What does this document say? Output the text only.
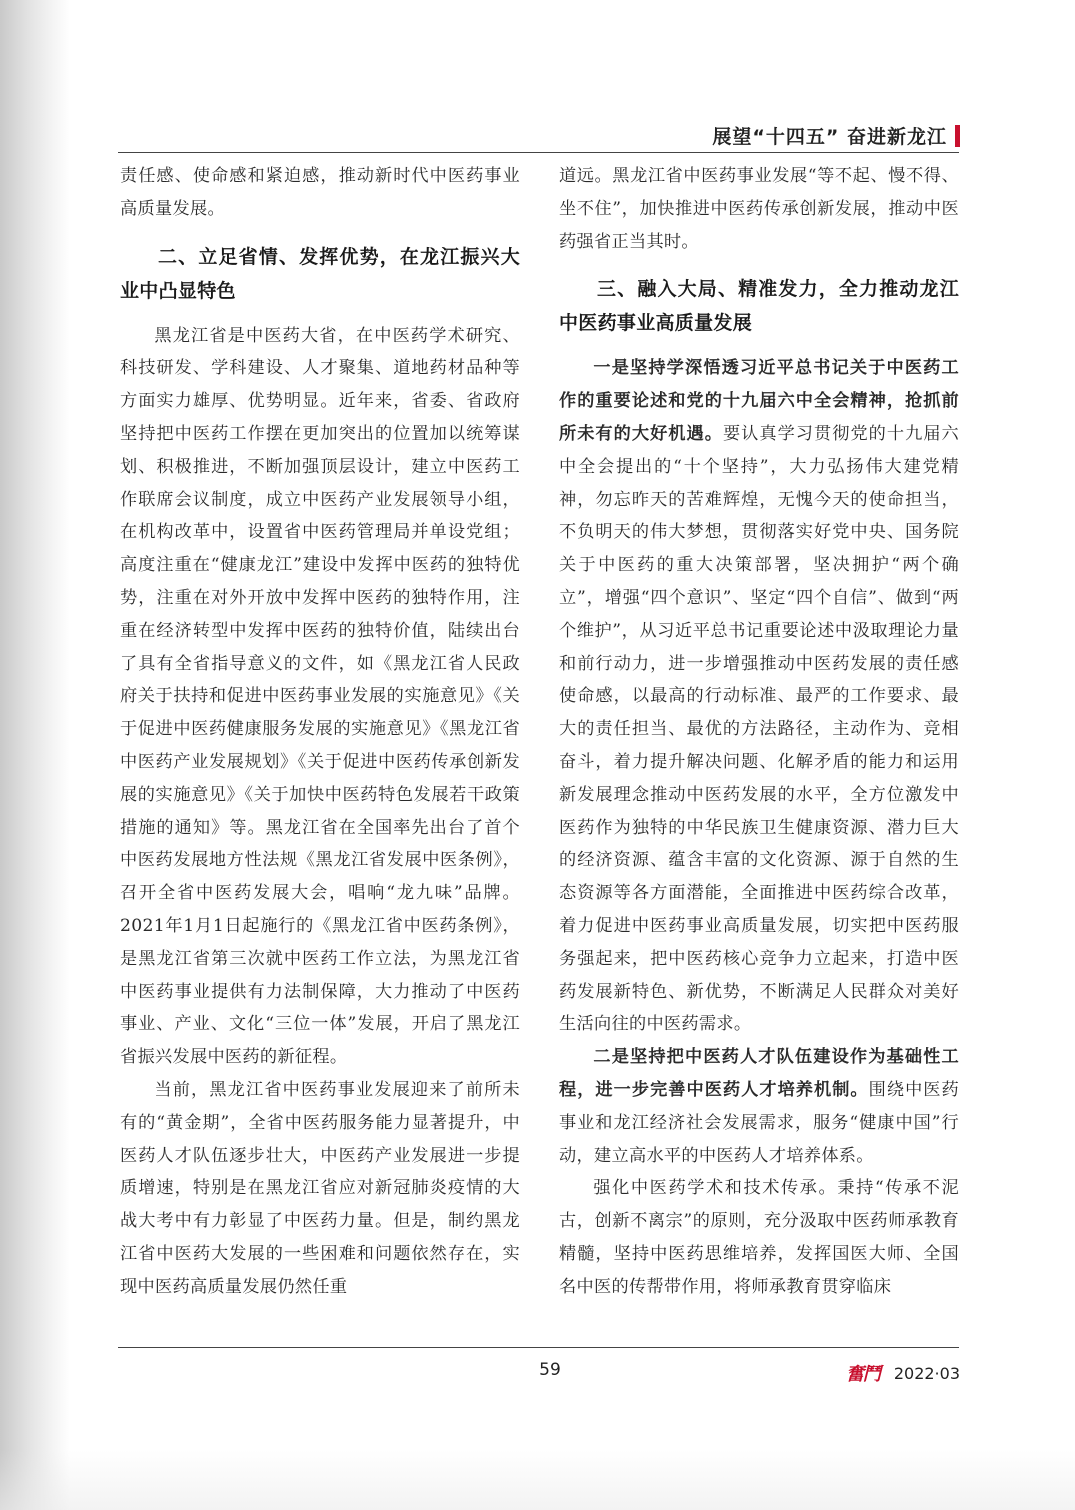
展望“十四五” 奋进新龙江

责任感、使命感和紧迫感，推动新时代中医药事业高质量发展。

二、立足省情、发挥优势，在龙江振兴大业中凸显特色

黑龙江省是中医药大省，在中医药学术研究、科技研发、学科建设、人才聚集、道地药材品种等方面实力雄厚、优势明显。近年来，省委、省政府坚持把中医药工作摆在更加突出的位置加以统筹谋划、积极推进，不断加强顶层设计，建立中医药工作联席会议制度，成立中医药产业发展领导小组，在机构改革中，设置省中医药管理局并单设党组；高度注重在“健康龙江”建设中发挥中医药的独特优势，注重在对外开放中发挥中医药的独特作用，注重在经济转型中发挥中医药的独特价值，陆续出台了具有全省指导意义的文件，如《黑龙江省人民政府关于扶持和促进中医药事业发展的实施意见》《关于促进中医药健康服务发展的实施意见》《黑龙江省中医药产业发展规划》《关于促进中医药传承创新发展的实施意见》《关于加快中医药特色发展若干政策措施的通知》等。黑龙江省在全国率先出台了首个中医药发展地方性法规《黑龙江省发展中医条例》，召开全省中医药发展大会，唱响“龙九味”品牌。2021年1月1日起施行的《黑龙江省中医药条例》，是黑龙江省第三次就中医药工作立法，为黑龙江省中医药事业提供有力法制保障，大力推动了中医药事业、产业、文化“三位一体”发展，开启了黑龙江省振兴发展中医药的新征程。

当前，黑龙江省中医药事业发展迎来了前所未有的“黄金期”，全省中医药服务能力显著提升，中医药人才队伍逐步壮大，中医药产业发展进一步提质增速，特别是在黑龙江省应对新冠肺炎疫情的大战大考中有力彰显了中医药力量。但是，制约黑龙江省中医药大发展的一些困难和问题依然存在，实现中医药高质量发展仍然任重

道远。黑龙江省中医药事业发展“等不起、慢不得、坐不住”，加快推进中医药传承创新发展，推动中医药强省正当其时。

三、融入大局、精准发力，全力推动龙江中医药事业高质量发展

一是坚持学深悟透习近平总书记关于中医药工作的重要论述和党的十九届六中全会精神，抢抓前所未有的大好机遇。要认真学习贯彻党的十九届六中全会提出的“十个坚持”，大力弘扬伟大建党精神，勿忘昨天的苦难辉煌，无愧今天的使命担当，不负明天的伟大梦想，贯彻落实好党中央、国务院关于中医药的重大决策部署，坚决拥护“两个确立”，增强“四个意识”、坚定“四个自信”、做到“两个维护”，从习近平总书记重要论述中汲取理论力量和前行动力，进一步增强推动中医药发展的责任感使命感，以最高的行动标准、最严的工作要求、最大的责任担当、最优的方法路径，主动作为、竞相奋斗，着力提升解决问题、化解矛盾的能力和运用新发展理念推动中医药发展的水平，全方位激发中医药作为独特的中华民族卫生健康资源、潜力巨大的经济资源、蕴含丰富的文化资源、源于自然的生态资源等各方面潜能，全面推进中医药综合改革，着力促进中医药事业高质量发展，切实把中医药服务强起来，把中医药核心竞争力立起来，打造中医药发展新特色、新优势，不断满足人民群众对美好生活向往的中医药需求。

二是坚持把中医药人才队伍建设作为基础性工程，进一步完善中医药人才培养机制。围绕中医药事业和龙江经济社会发展需求，服务“健康中国”行动，建立高水平的中医药人才培养体系。

强化中医药学术和技术传承。秉持“传承不泥古，创新不离宗”的原则，充分汲取中医药师承教育精髓，坚持中医药思维培养，发挥国医大师、全国名中医的传帮带作用，将师承教育贯穿临床

59	奮鬥 2022·03
